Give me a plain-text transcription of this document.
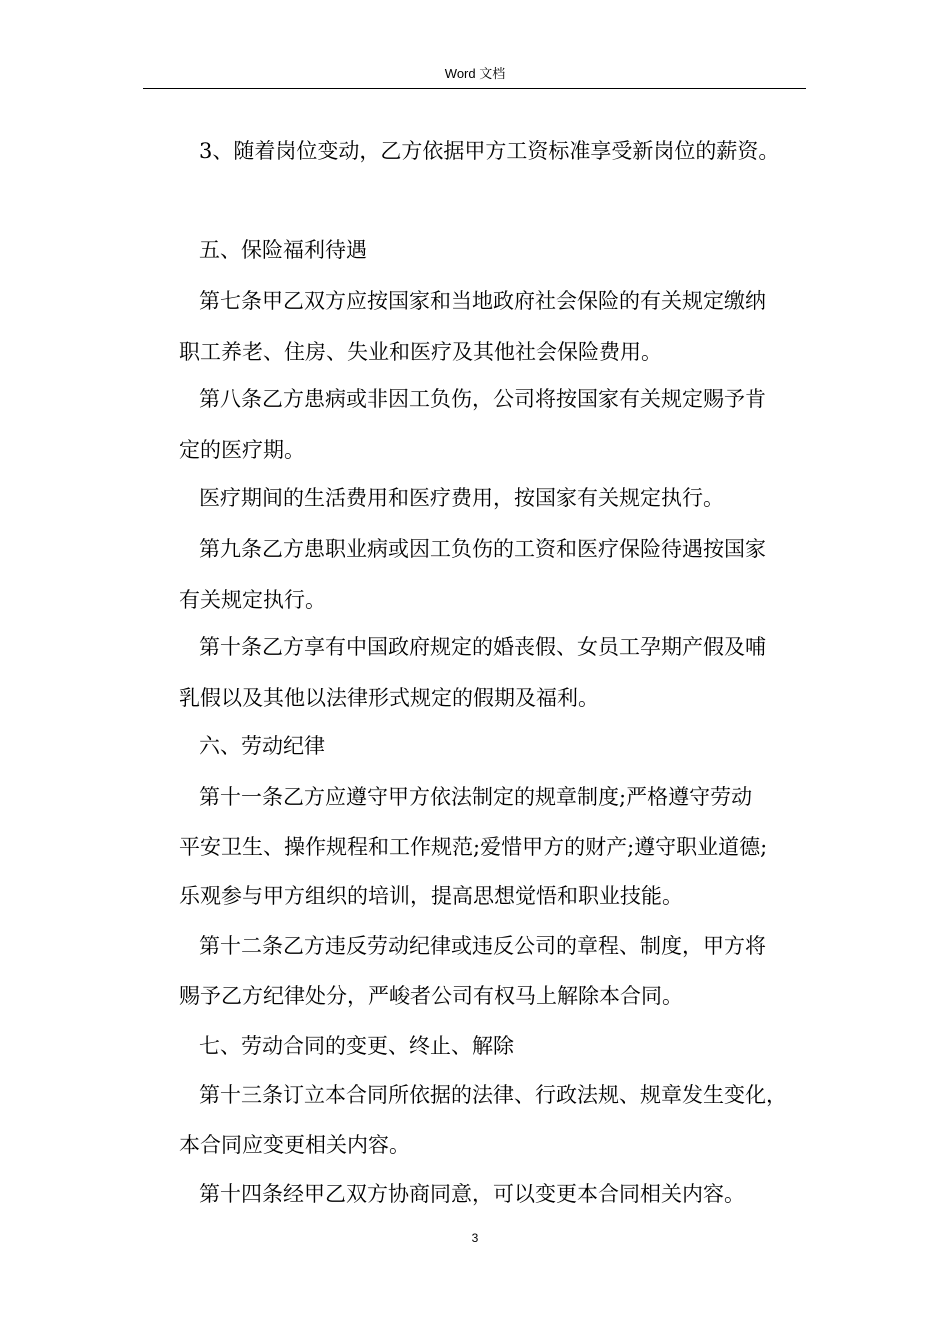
Word 文档
3、随着岗位变动，乙方依据甲方工资标准享受新岗位的薪资。
五、保险福利待遇
第七条甲乙双方应按国家和当地政府社会保险的有关规定缴纳
职工养老、住房、失业和医疗及其他社会保险费用。
第八条乙方患病或非因工负伤，公司将按国家有关规定赐予肯
定的医疗期。
医疗期间的生活费用和医疗费用，按国家有关规定执行。
第九条乙方患职业病或因工负伤的工资和医疗保险待遇按国家
有关规定执行。
第十条乙方享有中国政府规定的婚丧假、女员工孕期产假及哺
乳假以及其他以法律形式规定的假期及福利。
六、劳动纪律
第十一条乙方应遵守甲方依法制定的规章制度;严格遵守劳动
平安卫生、操作规程和工作规范;爱惜甲方的财产;遵守职业道德;
乐观参与甲方组织的培训，提高思想觉悟和职业技能。
第十二条乙方违反劳动纪律或违反公司的章程、制度，甲方将
赐予乙方纪律处分，严峻者公司有权马上解除本合同。
七、劳动合同的变更、终止、解除
第十三条订立本合同所依据的法律、行政法规、规章发生变化，
本合同应变更相关内容。
第十四条经甲乙双方协商同意，可以变更本合同相关内容。
3
